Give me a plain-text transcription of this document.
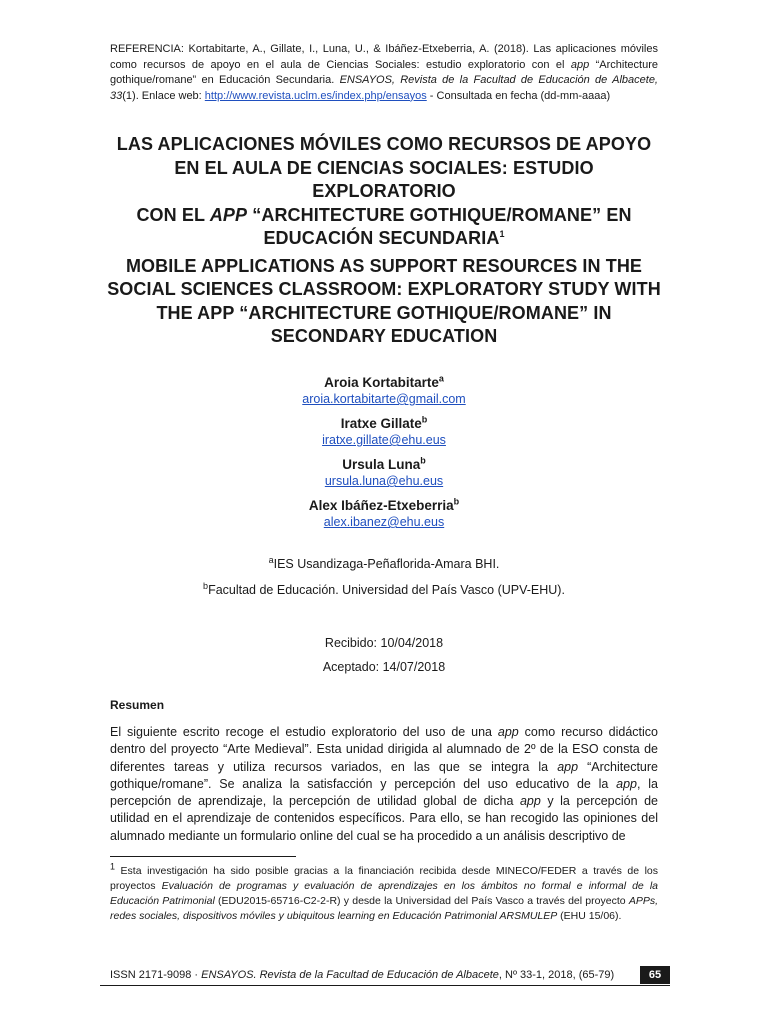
REFERENCIA: Kortabitarte, A., Gillate, I., Luna, U., & Ibáñez-Etxeberria, A. (2018). Las aplicaciones móviles como recursos de apoyo en el aula de Ciencias Sociales: estudio exploratorio con el app “Architecture gothique/romane” en Educación Secundaria. ENSAYOS, Revista de la Facultad de Educación de Albacete, 33(1). Enlace web: http://www.revista.uclm.es/index.php/ensayos - Consultada en fecha (dd-mm-aaaa)
LAS APLICACIONES MÓVILES COMO RECURSOS DE APOYO
EN EL AULA DE CIENCIAS SOCIALES: ESTUDIO EXPLORATORIO
CON EL APP “ARCHITECTURE GOTHIQUE/ROMANE” EN
EDUCACIÓN SECUNDARIA$^1$
MOBILE APPLICATIONS AS SUPPORT RESOURCES IN THE
SOCIAL SCIENCES CLASSROOM: EXPLORATORY STUDY WITH
THE APP “ARCHITECTURE GOTHIQUE/ROMANE” IN
SECONDARY EDUCATION
Aroia Kortabitarte$^a$
aroia.kortabitarte@gmail.com
Iratxe Gillate$^b$
iratxe.gillate@ehu.eus
Ursula Luna$^b$
ursula.luna@ehu.eus
Alex Ibáñez-Etxeberria$^b$
alex.ibanez@ehu.eus
$^a$IES Usandizaga-Peñaflorida-Amara BHI.
$^b$Facultad de Educación. Universidad del País Vasco (UPV-EHU).
Recibido: 10/04/2018
Aceptado: 14/07/2018
Resumen
El siguiente escrito recoge el estudio exploratorio del uso de una app como recurso didáctico dentro del proyecto “Arte Medieval”. Esta unidad dirigida al alumnado de 2º de la ESO consta de diferentes tareas y utiliza recursos variados, en las que se integra la app “Architecture gothique/romane”. Se analiza la satisfacción y percepción del uso educativo de la app, la percepción de aprendizaje, la percepción de utilidad global de dicha app y la percepción de utilidad en el aprendizaje de contenidos específicos. Para ello, se han recogido las opiniones del alumnado mediante un formulario online del cual se ha procedido a un análisis descriptivo de
$^1$ Esta investigación ha sido posible gracias a la financiación recibida desde MINECO/FEDER a través de los proyectos Evaluación de programas y evaluación de aprendizajes en los ámbitos no formal e informal de la Educación Patrimonial (EDU2015-65716-C2-2-R) y desde la Universidad del País Vasco a través del proyecto APPs, redes sociales, dispositivos móviles y ubiquitous learning en Educación Patrimonial ARSMULEP (EHU 15/06).
ISSN 2171-9098 · ENSAYOS. Revista de la Facultad de Educación de Albacete, Nº 33-1, 2018, (65-79)	65
